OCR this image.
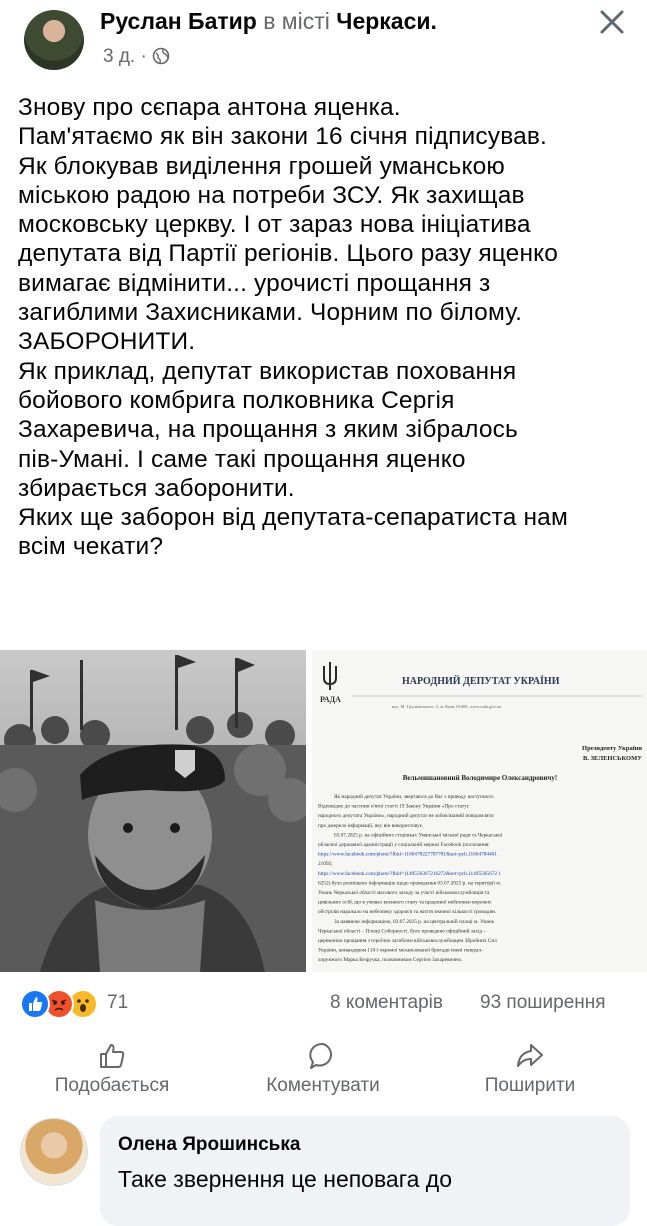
Руслан Батир в місті Черкаси.
3 д. ·
Знову про сєпара антона яценка.
Пам'ятаємо як він закони 16 січня підписував.
Як блокував виділення грошей уманською
міською радою на потреби ЗСУ. Як захищав
московську церкву. І от зараз нова ініціатива
депутата від Партії регіонів. Цього разу яценко
вимагає відмінити... урочисті прощання з
загиблими Захисниками. Чорним по білому.
ЗАБОРОНИТИ.
Як приклад, депутат використав поховання
бойового комбрига полковника Сергія
Захаревича, на прощання з яким зібралось
пів-Умані. І саме такі прощання яценко
збирається заборонити.
Яких ще заборон від депутата-сепаратиста нам
всім чекати?
РАДА
НАРОДНИЙ ДЕПУТАТ УКРАЇНИ
вул. М. Грушевського, 5, м. Київ, 01008, www.rada.gov.ua
Президенту України
В. ЗЕЛЕНСЬКОМУ
Вельмишановний Володимире Олександровичу!
Як народний депутат України, звертаюся до Вас з приводу наступного.
Відповідно до частини п'ятої статті 19 Закону України «Про статус
народного депутата України», народний депутат не зобов'язаний повідомляти
про джерело інформації, яку він використовує.
03.07.2025 р. на офіційних сторінках Уманської міської ради та Черкаської
обласної державної адміністрації у соціальній мережі Facebook (посилання:
https://www.facebook.com/photo/?fbid=1160478227787781&set=pcb.11604784461
21092;
https://www.facebook.com/photo/?fbid=1149556367216272&set=pcb.11495565672 1
6252) було розміщено інформацію щодо проведення 03.07.2025 р. на території м.
Умань Черкаської області масового заходу за участі військовослужбовців та
цивільних осіб, що в умовах воєнного стану та щоденної небезпеки ворожих
обстрілів наражало на небезпеку здоров'я та життя значної кількості громадян.
За наявною інформацією, 03.07.2025 р. на центральній площі м. Умань
Черкаської області – Площі Соборності, було проведено офіційний захід –
церемонію прощання з героїчно загиблим військовослужбовцем Збройних Сил
України, командиром 110-ї окремої механізованої бригади імені генерал-
хорунжого Марка Безручка, полковником Сергієм Захаревичем.
71	8 коментарів 93 поширення
Подобається	Коментувати	Поширити
Олена Ярошинська
Таке звернення це неповага до
